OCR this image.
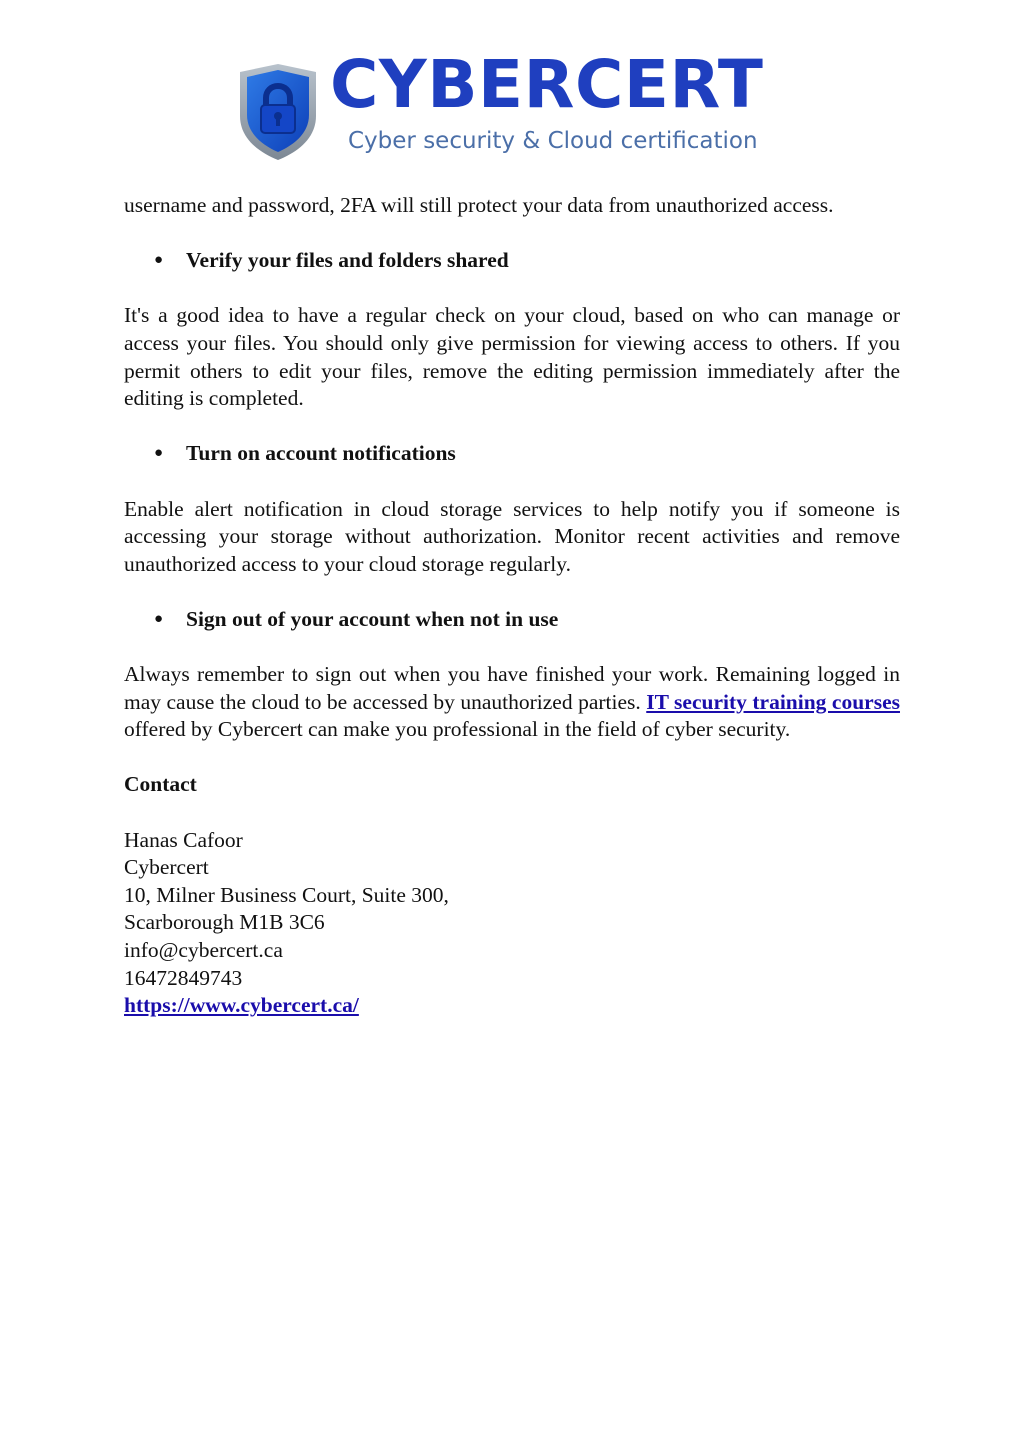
CYBERCERT
Cyber security & Cloud certification

username and password, 2FA will still protect your data from unauthorized access.

●	Verify your files and folders shared

It's a good idea to have a regular check on your cloud, based on who can manage or access your files. You should only give permission for viewing access to others. If you permit others to edit your files, remove the editing permission immediately after the editing is completed.

●	Turn on account notifications

Enable alert notification in cloud storage services to help notify you if someone is accessing your storage without authorization. Monitor recent activities and remove unauthorized access to your cloud storage regularly.

●	Sign out of your account when not in use

Always remember to sign out when you have finished your work. Remaining logged in may cause the cloud to be accessed by unauthorized parties. IT security training courses offered by Cybercert can make you professional in the field of cyber security.

Contact

Hanas Cafoor
Cybercert
10, Milner Business Court, Suite 300,
Scarborough M1B 3C6
info@cybercert.ca
16472849743
https://www.cybercert.ca/
